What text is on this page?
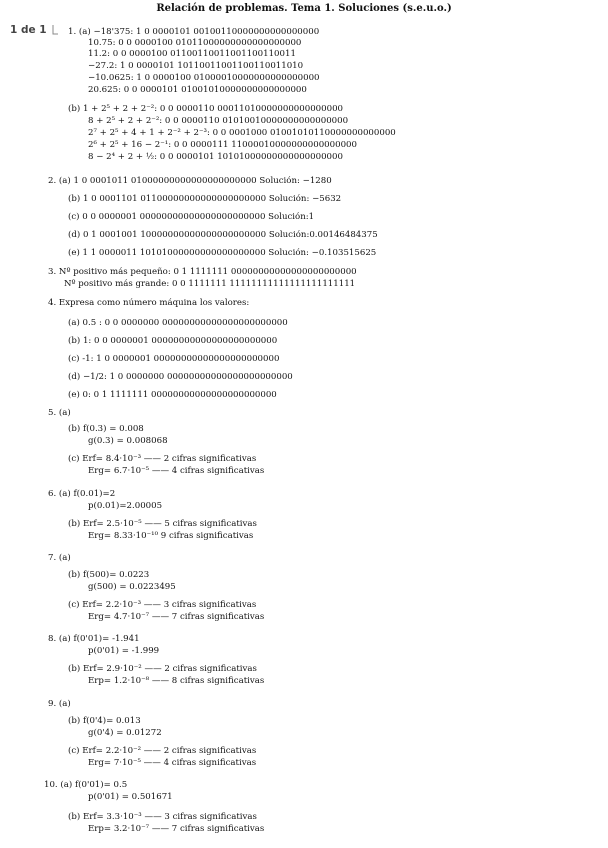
Relación de problemas. Tema 1. Soluciones (s.e.u.o.)
1 de 1 1. (a) −18'375: 1 0 0000101 00100110000000000000000
10.75: 0 0 0000100 01011000000000000000000
11.2: 0 0 0000100 01100110011001100110011
−27.2: 1 0 0000101 10110011001100110011010
−10.0625: 1 0 0000100 01000010000000000000000
20.625: 0 0 0000101 01001010000000000000000
(b) 1 + 2⁵ + 2 + 2⁻²: 0 0 0000110 00011010000000000000000
8 + 2⁵ + 2 + 2⁻²: 0 0 0000110 01010010000000000000000
2⁷ + 2⁵ + 4 + 1 + 2⁻² + 2⁻³: 0 0 0001000 01001010110000000000000
2⁶ + 2⁵ + 16 − 2⁻¹: 0 0 0000111 11000010000000000000000
8 − 2⁴ + 2 + ½: 0 0 0000101 10101000000000000000000
2. (a) 1 0 0001011 01000000000000000000000 Solución: −1280
(b) 1 0 0001101 01100000000000000000000 Solución: −5632
(c) 0 0 0000001 00000000000000000000000 Solución:1
(d) 0 1 0001001 10000000000000000000000 Solución:0.00146484375
(e) 1 1 0000011 10101000000000000000000 Solución: −0.103515625
3. Nº positivo más pequeño: 0 1 1111111 00000000000000000000000
Nº positivo más grande: 0 0 1111111 11111111111111111111111
4. Expresa como número máquina los valores:
(a) 0.5 : 0 0 0000000 00000000000000000000000
(b) 1: 0 0 0000001 00000000000000000000000
(c) -1: 1 0 0000001 00000000000000000000000
(d) −1/2: 1 0 0000000 00000000000000000000000
(e) 0: 0 1 1111111 00000000000000000000000
5. (a)
(b) f(0.3) = 0.008
g(0.3) = 0.008068
(c) Erf= 8.4·10⁻³ —— 2 cifras significativas
Erg= 6.7·10⁻⁵ —— 4 cifras significativas
6. (a) f(0.01)=2
p(0.01)=2.00005
(b) Erf= 2.5·10⁻⁵ —— 5 cifras significativas
Erg= 8.33·10⁻¹⁰ 9 cifras significativas
7. (a)
(b) f(500)= 0.0223
g(500) = 0.0223495
(c) Erf= 2.2·10⁻³ —— 3 cifras significativas
Erg= 4.7·10⁻⁷ —— 7 cifras significativas
8. (a) f(0'01)= -1.941
p(0'01) = -1.999
(b) Erf= 2.9·10⁻² —— 2 cifras significativas
Erp= 1.2·10⁻⁸ —— 8 cifras significativas
9. (a)
(b) f(0'4)= 0.013
g(0'4) = 0.01272
(c) Erf= 2.2·10⁻² —— 2 cifras significativas
Erg= 7·10⁻⁵ —— 4 cifras significativas
10. (a) f(0'01)= 0.5
p(0'01) = 0.501671
(b) Erf= 3.3·10⁻³ —— 3 cifras significativas
Erp= 3.2·10⁻⁷ —— 7 cifras significativas
